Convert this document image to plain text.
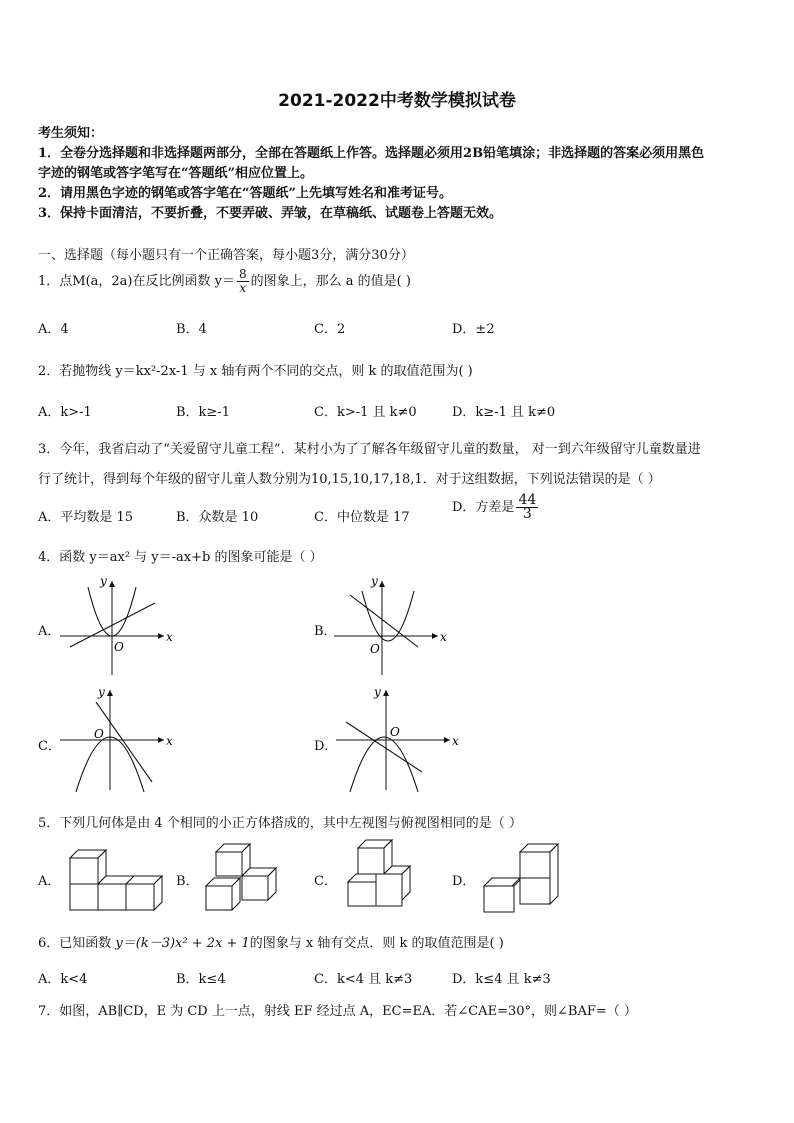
2021-2022中考数学模拟试卷
考生须知：
1．全卷分选择题和非选择题两部分，全部在答题纸上作答。选择题必须用2B铅笔填涂；非选择题的答案必须用黑色
字迹的钢笔或答字笔写在“答题纸”相应位置上。
2．请用黑色字迹的钢笔或答字笔在“答题纸”上先填写姓名和准考证号。
3．保持卡面清洁，不要折叠，不要弄破、弄皱，在草稿纸、试题卷上答题无效。
一、选择题（每小题只有一个正确答案，每小题3分，满分30分）
1．点M(a，2a)在反比例函数 $y= \frac{8}{x}$ 的图象上，那么 a 的值是( )
A．4	B．4	C．2	D．±2
2．若抛物线 y＝kx²-2x-1 与 x 轴有两个不同的交点，则 k 的取值范围为( )
A．k>-1	B．k≥-1	C．k>-1 且 k≠0	D．k≥-1 且 k≠0
3．今年，我省启动了“关爱留守儿童工程”．某村小为了了解各年级留守儿童的数量， 对一到六年级留守儿童数量进
行了统计，得到每个年级的留守儿童人数分别为10,15,10,17,18,1．对于这组数据，下列说法错误的是（ ）
A．平均数是 15	B．众数是 10	C．中位数是 17
D．方差是 $\frac{44}{3}$
4．函数 y＝ax² 与 y＝-ax+b 的图象可能是（ ）
A．	x
y
O
B．	x
y
O
C．	x
y
O
D．	x
y
O
5．下列几何体是由 4 个相同的小正方体搭成的，其中左视图与俯视图相同的是（ ）
A．	B．	C．	D．
6．已知函数 y＝(k－3)x² + 2x + 1的图象与 x 轴有交点．则 k 的取值范围是( )
A．k<4	B．k≤4	C．k<4 且 k≠3	D．k≤4 且 k≠3
7．如图，AB∥CD，E 为 CD 上一点，射线 EF 经过点 A，EC=EA．若∠CAE=30°，则∠BAF=（ ）
